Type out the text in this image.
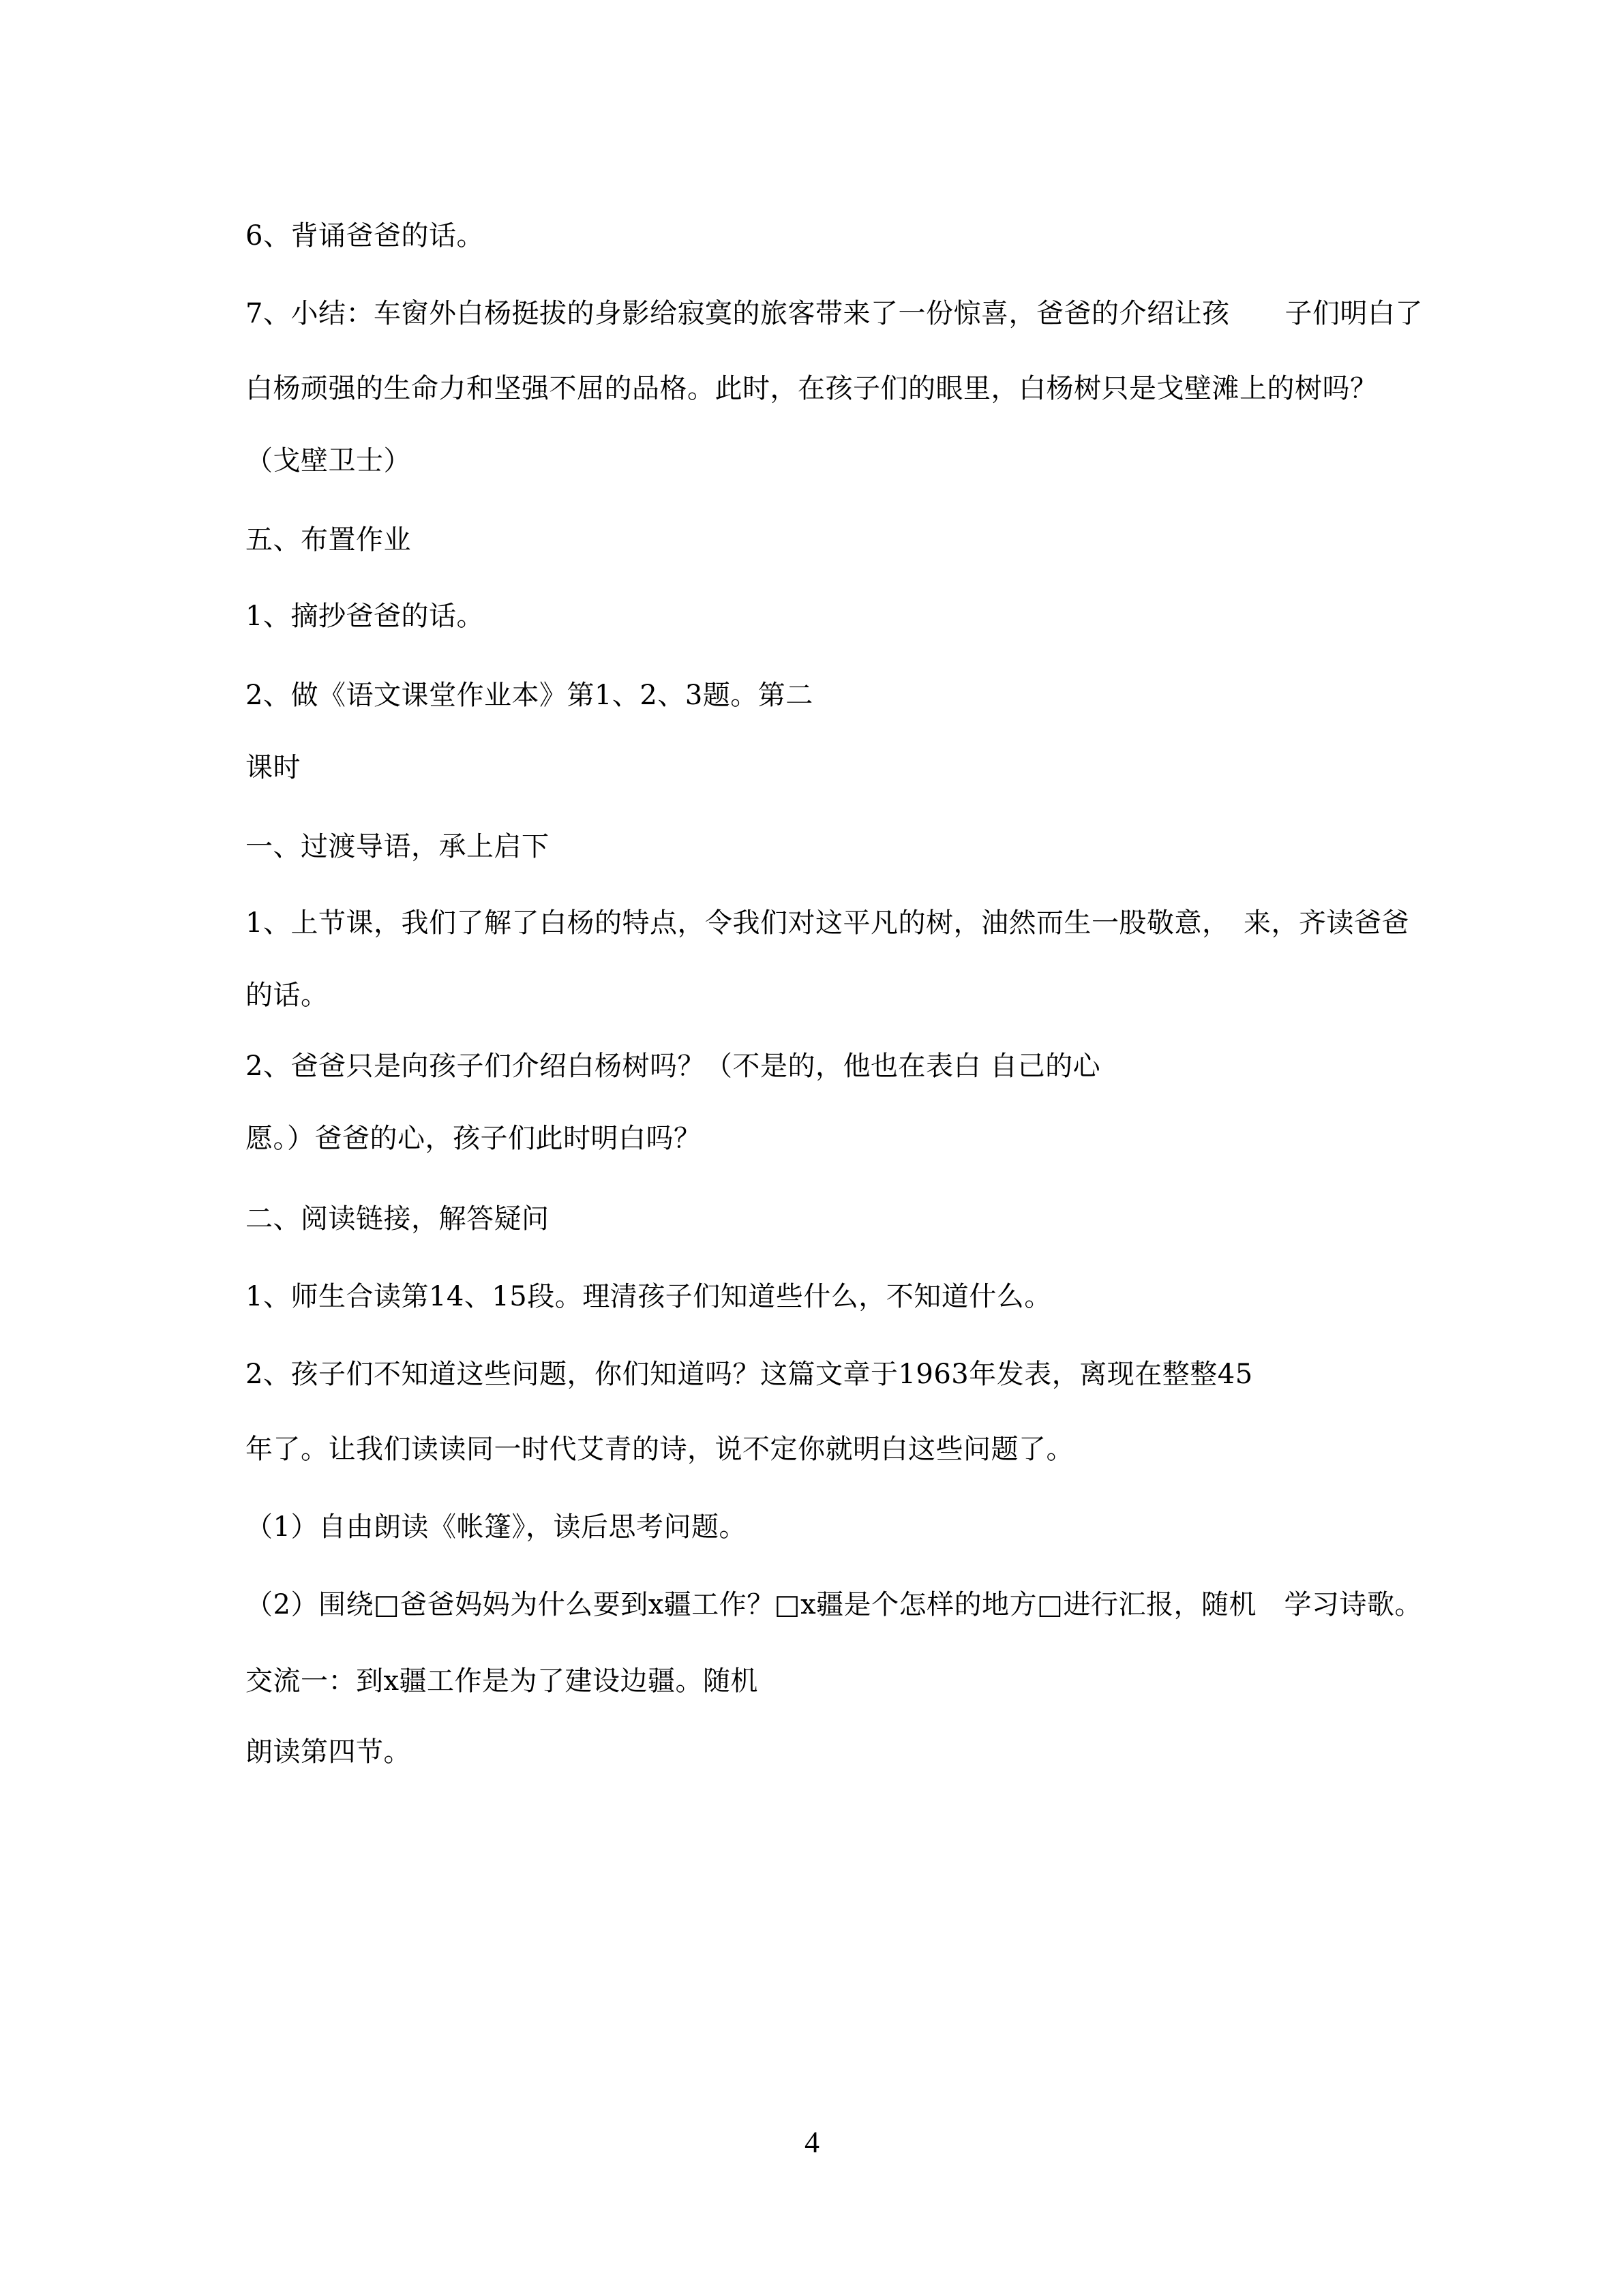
6、背诵爸爸的话。
7、小结：车窗外白杨挺拔的身影给寂寞的旅客带来了一份惊喜，爸爸的介绍让孩　　子们明白了
白杨顽强的生命力和坚强不屈的品格。此时，在孩子们的眼里，白杨树只是戈壁滩上的树吗？
（戈壁卫士）
五、布置作业
1、摘抄爸爸的话。
2、做《语文课堂作业本》第1、2、3题。第二
课时
一、过渡导语，承上启下
1、上节课，我们了解了白杨的特点，令我们对这平凡的树，油然而生一股敬意，　来，齐读爸爸
的话。
2、爸爸只是向孩子们介绍白杨树吗？（不是的，他也在表白 自己的心
愿。）爸爸的心，孩子们此时明白吗？
二、阅读链接，解答疑问
1、师生合读第14、15段。理清孩子们知道些什么，不知道什么。
2、孩子们不知道这些问题，你们知道吗？这篇文章于1963年发表，离现在整整45
年了。让我们读读同一时代艾青的诗，说不定你就明白这些问题了。
（1）自由朗读《帐篷》，读后思考问题。
（2）围绕□爸爸妈妈为什么要到x疆工作？□x疆是个怎样的地方□进行汇报，随机　学习诗歌。
交流一：到x疆工作是为了建设边疆。随机
朗读第四节。
4
